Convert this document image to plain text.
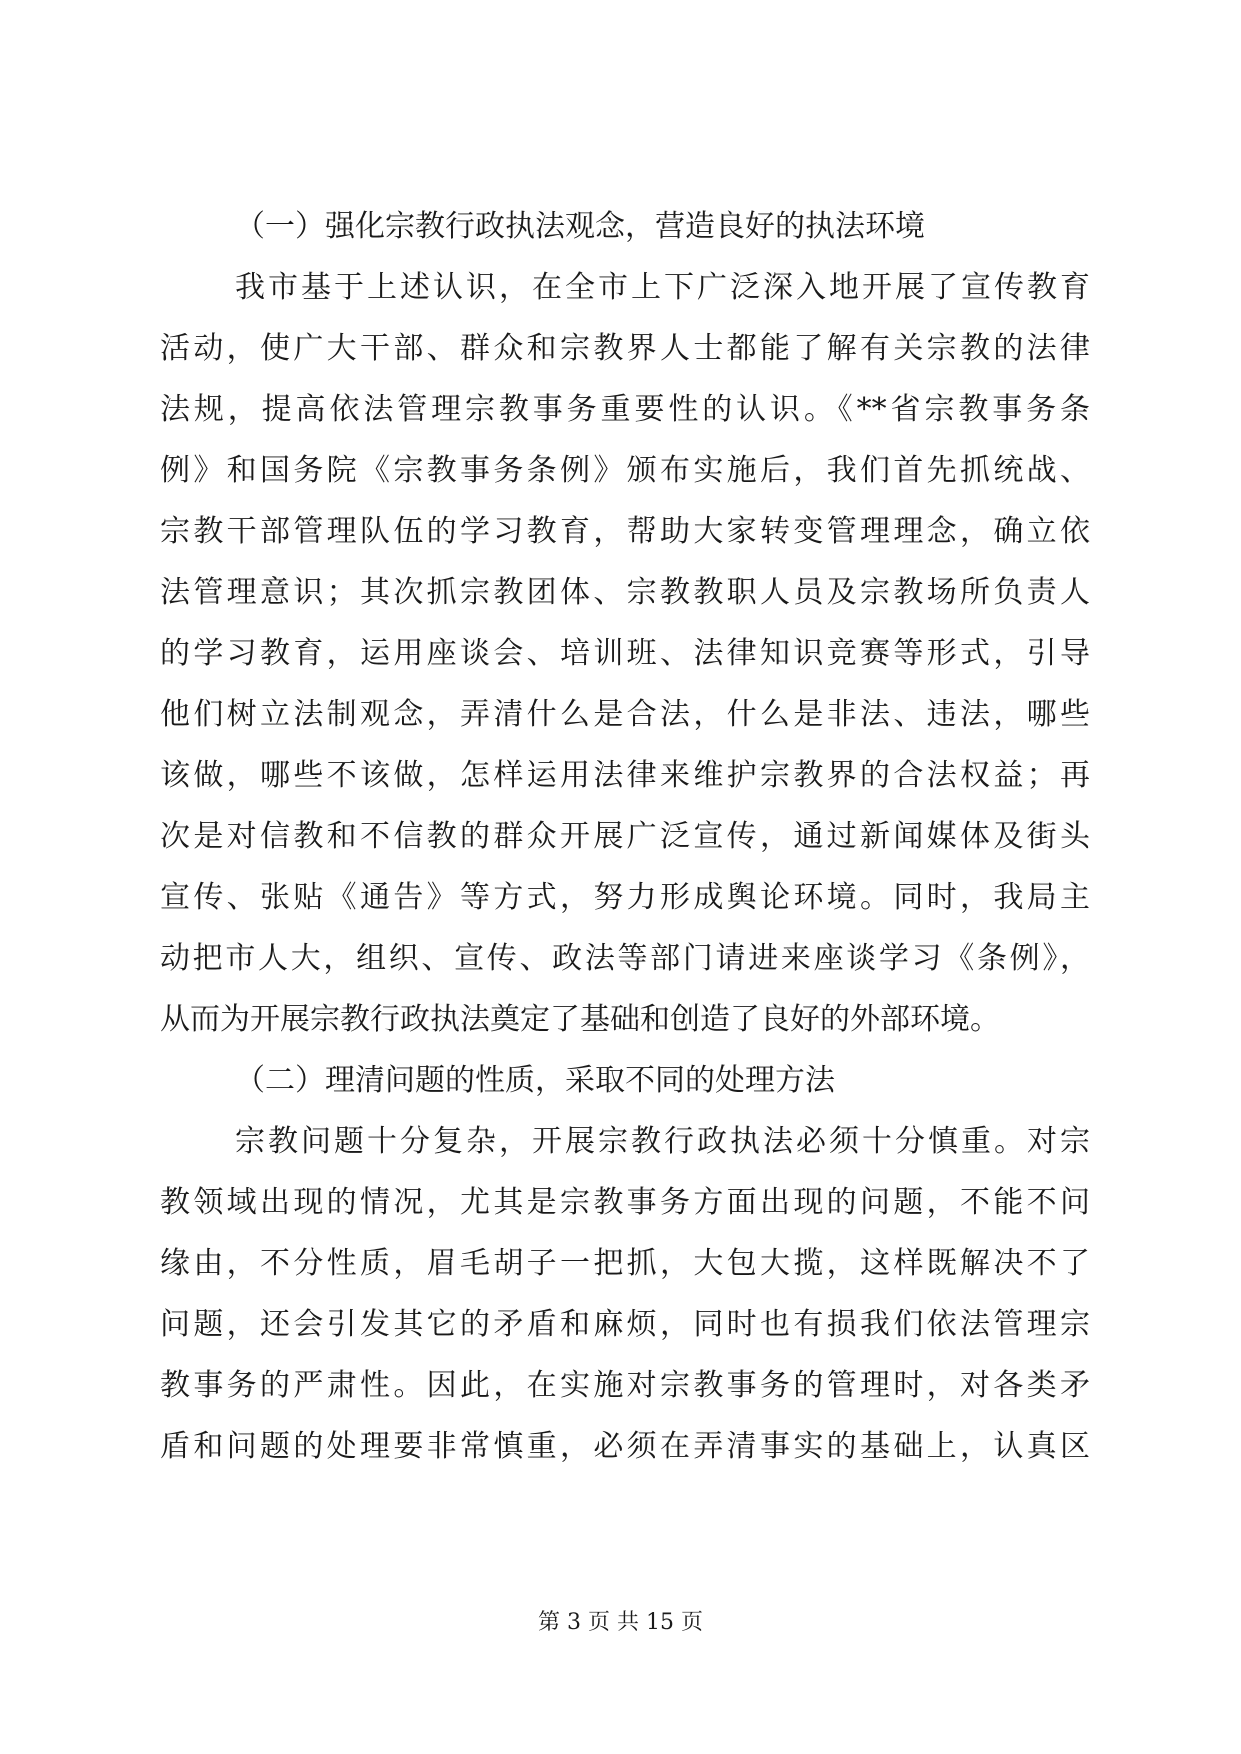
（一）强化宗教行政执法观念，营造良好的执法环境
我市基于上述认识，在全市上下广泛深入地开展了宣传教育
活动，使广大干部、群众和宗教界人士都能了解有关宗教的法律
法规，提高依法管理宗教事务重要性的认识。《**省宗教事务条
例》和国务院《宗教事务条例》颁布实施后，我们首先抓统战、
宗教干部管理队伍的学习教育，帮助大家转变管理理念，确立依
法管理意识；其次抓宗教团体、宗教教职人员及宗教场所负责人
的学习教育，运用座谈会、培训班、法律知识竞赛等形式，引导
他们树立法制观念，弄清什么是合法，什么是非法、违法，哪些
该做，哪些不该做，怎样运用法律来维护宗教界的合法权益；再
次是对信教和不信教的群众开展广泛宣传，通过新闻媒体及街头
宣传、张贴《通告》等方式，努力形成舆论环境。同时，我局主
动把市人大，组织、宣传、政法等部门请进来座谈学习《条例》，
从而为开展宗教行政执法奠定了基础和创造了良好的外部环境。
（二）理清问题的性质，采取不同的处理方法
宗教问题十分复杂，开展宗教行政执法必须十分慎重。对宗
教领域出现的情况，尤其是宗教事务方面出现的问题，不能不问
缘由，不分性质，眉毛胡子一把抓，大包大揽，这样既解决不了
问题，还会引发其它的矛盾和麻烦，同时也有损我们依法管理宗
教事务的严肃性。因此，在实施对宗教事务的管理时，对各类矛
盾和问题的处理要非常慎重，必须在弄清事实的基础上，认真区
第 3 页 共 15 页
